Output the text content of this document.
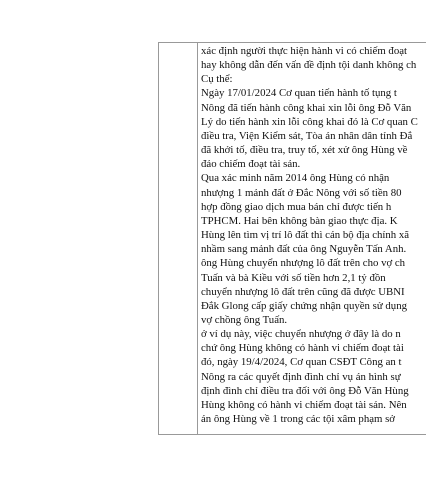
xác định người thực hiện hành vi có chiếm đoạt
hay không dẫn đến vấn đề định tội danh không ch
Cụ thể:
Ngày 17/01/2024 Cơ quan tiến hành tố tụng t
Nông đã tiến hành công khai xin lỗi ông Đỗ Văn
Lý do tiến hành xin lỗi công khai đó là Cơ quan C
điều tra, Viện Kiểm sát, Tòa án nhân dân tỉnh Đắ
đã khởi tố, điều tra, truy tố, xét xử ông Hùng về
đảo chiếm đoạt tài sản.
Qua xác minh năm 2014 ông Hùng có nhận
nhượng 1 mảnh đất ở Đắc Nông với số tiền 80
hợp đồng giao dịch mua bán chỉ được tiến h
TPHCM. Hai bên không bàn giao thực địa. K
Hùng lên tìm vị trí lô đất thì cán bộ địa chính xã
nhầm sang mảnh đất của ông Nguyễn Tấn Anh.
ông Hùng chuyển nhượng lô đất trên cho vợ ch
Tuấn và bà Kiều với số tiền hơn 2,1 tỷ đồn
chuyển nhượng lô đất trên cũng đã được UBNI
Đắk Glong cấp giấy chứng nhận quyền sử dụng
vợ chồng ông Tuấn.
ở ví dụ này, việc chuyển nhượng ở đây là do n
chứ ông Hùng không có hành vi chiếm đoạt tài
đó, ngày 19/4/2024, Cơ quan CSĐT Công an t
Nông ra các quyết định đình chỉ vụ án hình sự
định đình chỉ điều tra đối với ông Đỗ Văn Hùng
Hùng không có hành vi chiếm đoạt tài sản. Nên
án ông Hùng về 1 trong các tội xâm phạm sở
